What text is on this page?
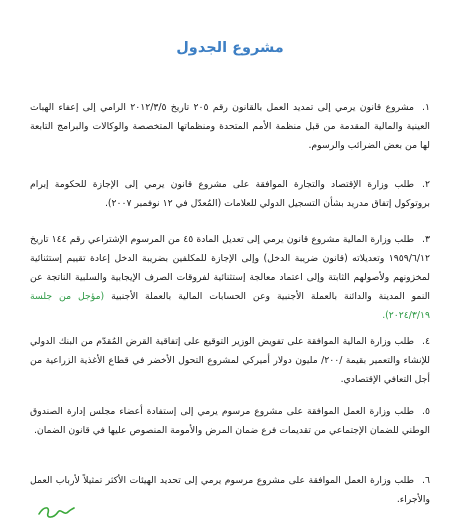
مشروع الجدول
١.مشروع قانون يرمي إلى تمديد العمل بالقانون رقم ٢٠٥ تاريخ ٢٠١٢/٣/٥ الرامي إلى إعفاء الهبات العينية والمالية المقدمة من قبل منظمة الأمم المتحدة ومنظماتها المتخصصة والوكالات والبرامج التابعة لها من بعض الضرائب والرسوم.
٢.طلب وزارة الإقتصاد والتجارة الموافقة على مشروع قانون يرمي إلى الإجازة للحكومة إبرام بروتوكول إتفاق مدريد بشأن التسجيل الدولي للعلامات (المُعدّل في ١٢ نوفمبر ٢٠٠٧).
٣.طلب وزارة المالية مشروع قانون يرمي إلى تعديل المادة ٤٥ من المرسوم الإشتراعي رقم ١٤٤ تاريخ ١٩٥٩/٦/١٢ وتعديلاته (قانون ضريبة الدخل) وإلى الإجازة للمكلفين بضريبة الدخل إعادة تقييم إستثنائية لمخزونهم ولأصولهم الثابتة وإلى اعتماد معالجة إستثنائية لفروقات الصرف الإيجابية والسلبية الناتجة عن النمو المدينة والدائنة بالعملة الأجنبية وعن الحسابات المالية بالعملة الأجنبية (مؤجل من جلسة ٢٠٢٤/٣/١٩).
٤.طلب وزارة المالية الموافقة على تفويض الوزير التوقيع على إتفاقية القرض المُقدّم من البنك الدولي للإنشاء والتعمير بقيمة /٢٠٠/ مليون دولار أميركي لمشروع التحول الأخضر في قطاع الأغذية الزراعية من أجل التعافي الإقتصادي.
٥.طلب وزارة العمل الموافقة على مشروع مرسوم يرمي إلى إستفادة أعضاء مجلس إدارة الصندوق الوطني للضمان الإجتماعي من تقديمات فرع ضمان المرض والأمومة المنصوص عليها في قانون الضمان.
٦.طلب وزارة العمل الموافقة على مشروع مرسوم يرمي إلى تحديد الهيئات الأكثر تمثيلاً لأرباب العمل والأجراء.
